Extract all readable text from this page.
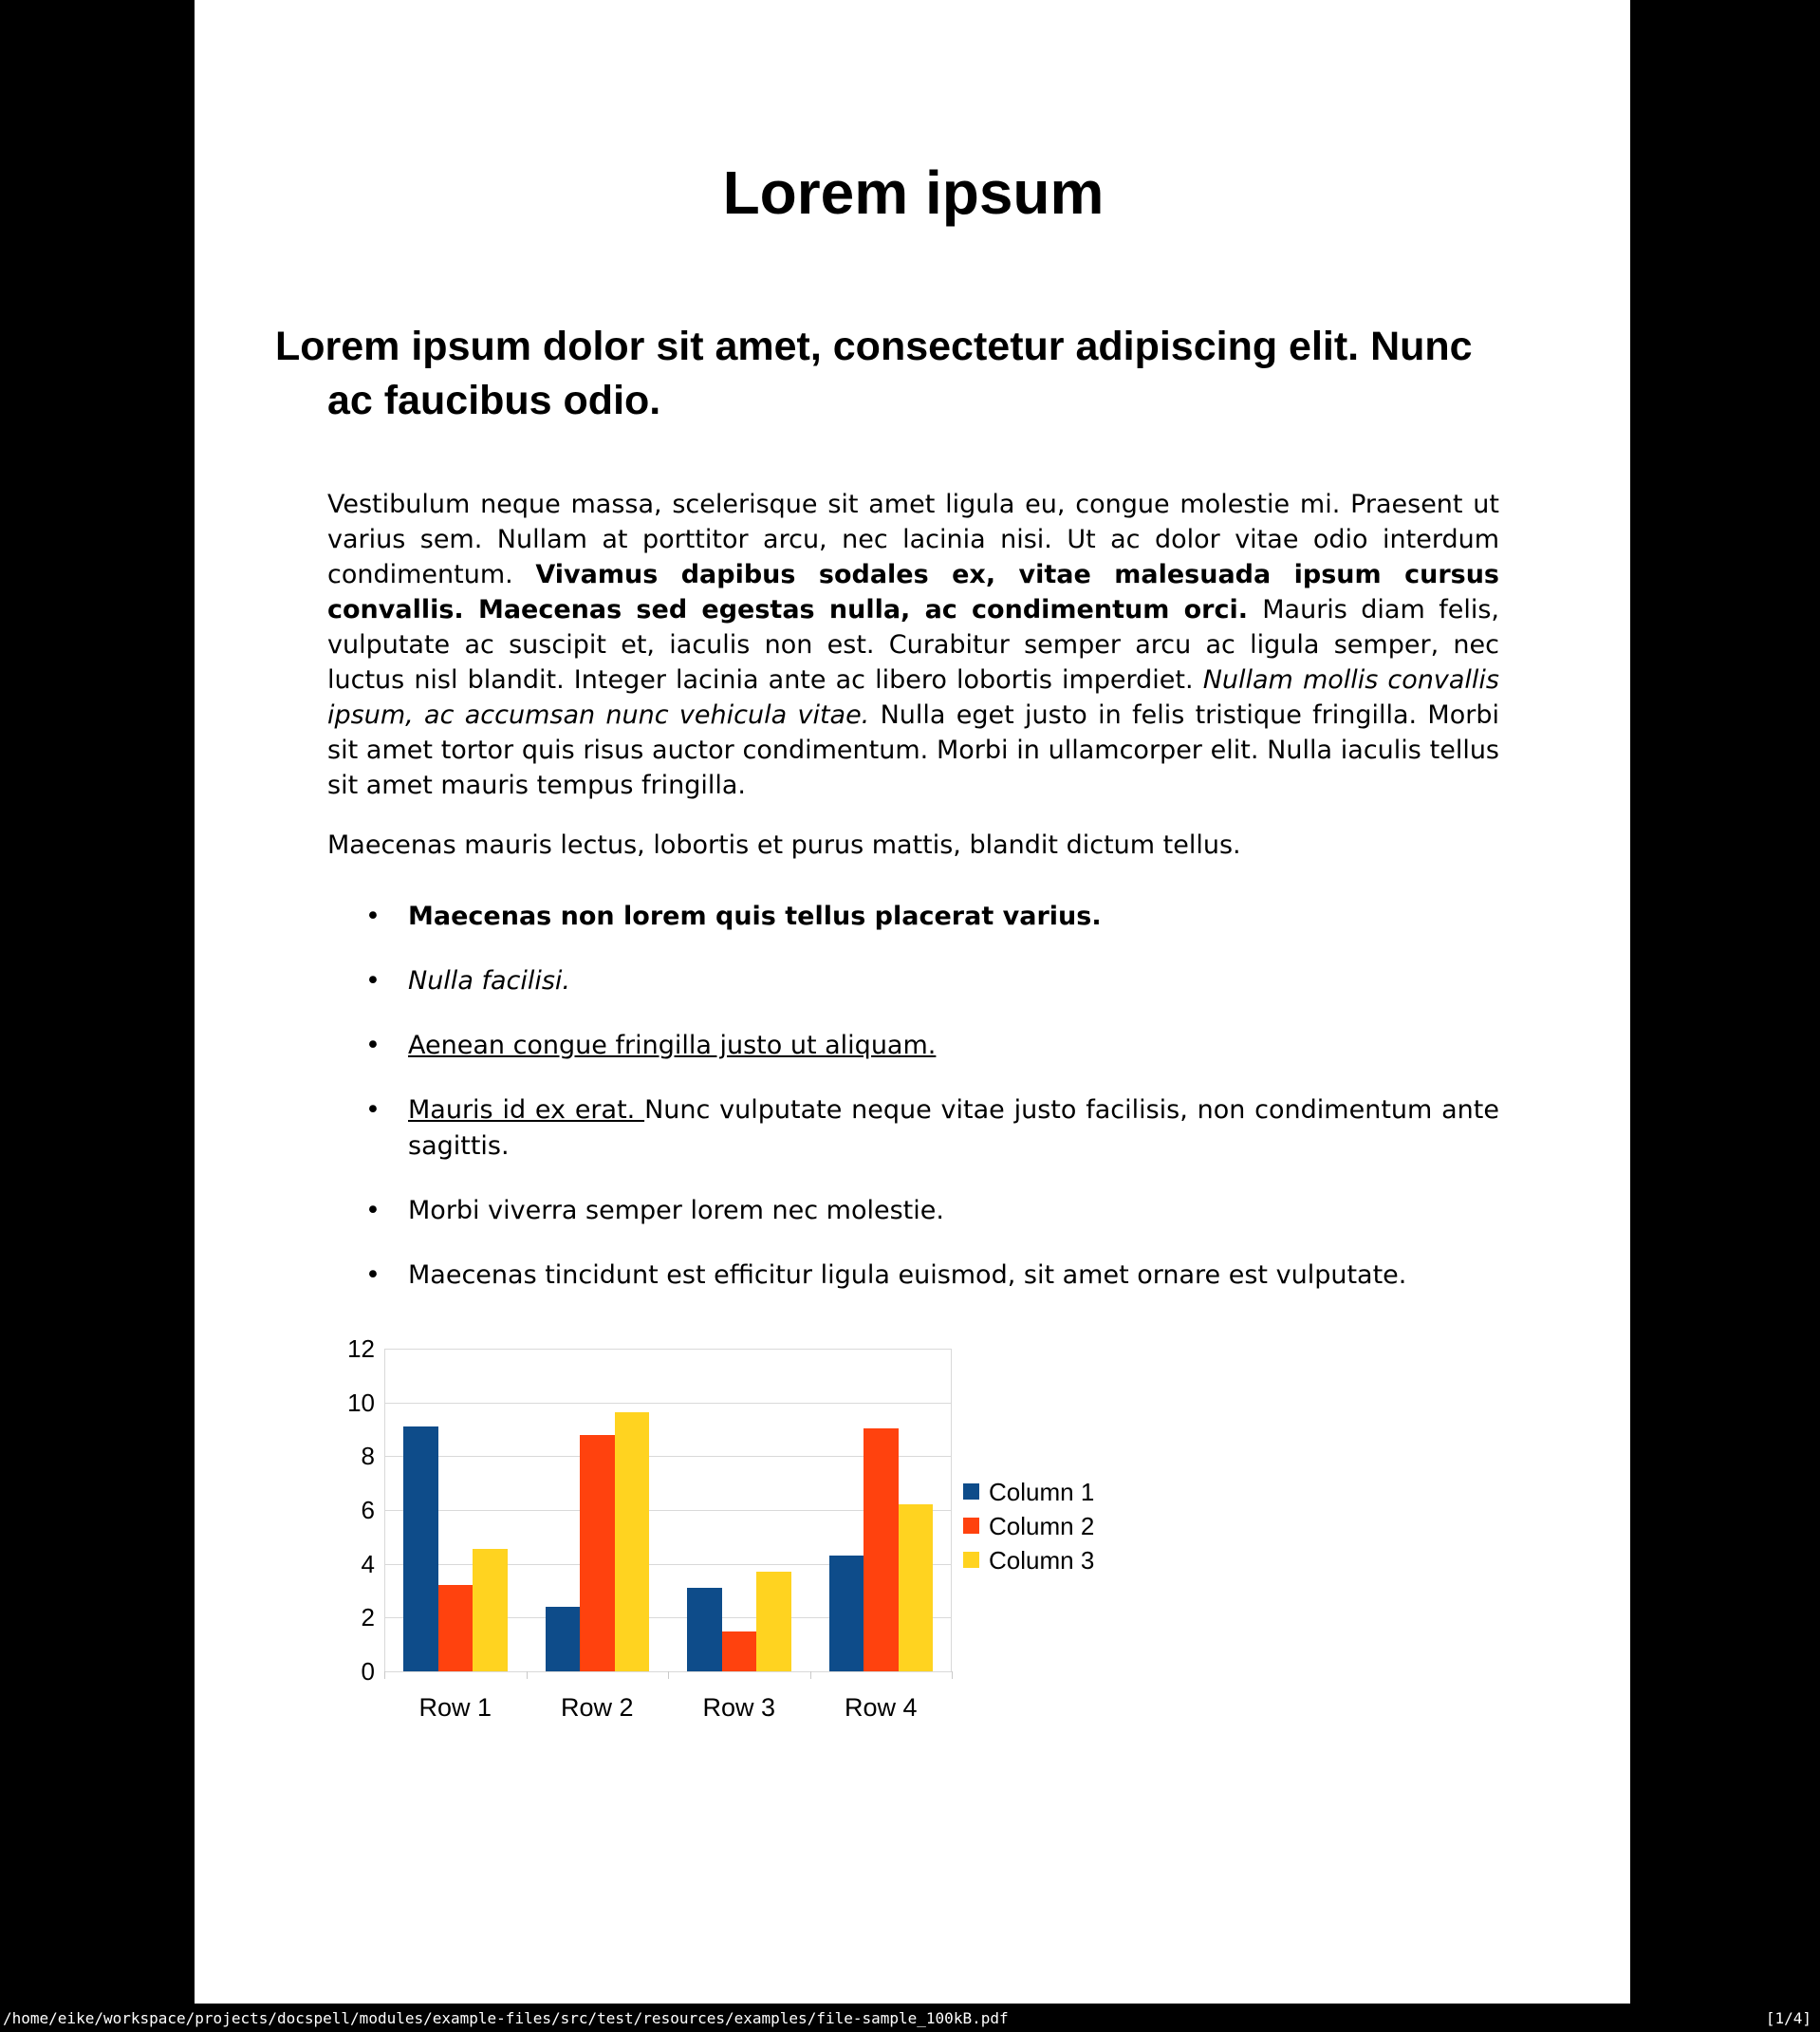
Lorem ipsum
Lorem ipsum dolor sit amet, consectetur adipiscing elit. Nunc ac faucibus odio.

Vestibulum neque massa, scelerisque sit amet ligula eu, congue molestie mi. Praesent ut varius sem. Nullam at porttitor arcu, nec lacinia nisi. Ut ac dolor vitae odio interdum condimentum. Vivamus dapibus sodales ex, vitae malesuada ipsum cursus convallis. Maecenas sed egestas nulla, ac condimentum orci. Mauris diam felis, vulputate ac suscipit et, iaculis non est. Curabitur semper arcu ac ligula semper, nec luctus nisl blandit. Integer lacinia ante ac libero lobortis imperdiet. Nullam mollis convallis ipsum, ac accumsan nunc vehicula vitae. Nulla eget justo in felis tristique fringilla. Morbi sit amet tortor quis risus auctor condimentum. Morbi in ullamcorper elit. Nulla iaculis tellus sit amet mauris tempus fringilla.

Maecenas mauris lectus, lobortis et purus mattis, blandit dictum tellus.

• Maecenas non lorem quis tellus placerat varius.
• Nulla facilisi.
• Aenean congue fringilla justo ut aliquam.
• Mauris id ex erat. Nunc vulputate neque vitae justo facilisis, non condimentum ante sagittis.
• Morbi viverra semper lorem nec molestie.
• Maecenas tincidunt est efficitur ligula euismod, sit amet ornare est vulputate.
0
2
4
6
8
10
12
Row 1	Row 2	Row 3	Row 4
Column 1
Column 2
Column 3
/home/eike/workspace/projects/docspell/modules/example-files/src/test/resources/examples/file-sample_100kB.pdf	[1/4]
